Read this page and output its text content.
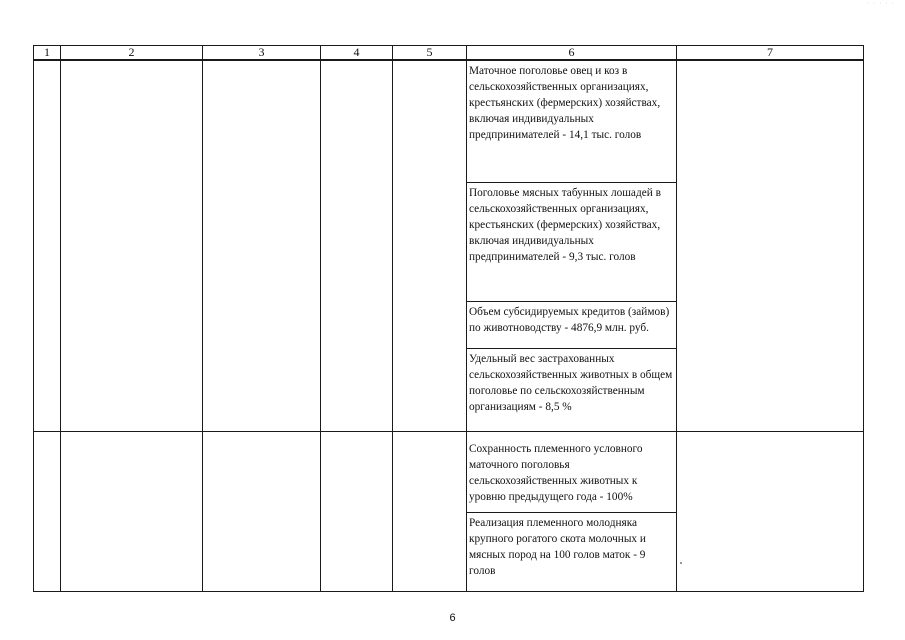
· · · · ·
1	2	3	4	5	6	7

					Маточное поголовье овец и коз в сельскохозяйственных организациях, крестьянских (фермерских) хозяйствах, включая индивидуальных предпринимателей - 14,1 тыс. голов	

					Поголовье мясных табунных лошадей в сельскохозяйственных организациях, крестьянских (фермерских) хозяйствах, включая индивидуальных предпринимателей - 9,3 тыс. голов	

					Объем субсидируемых кредитов (займов) по животноводству - 4876,9 млн. руб.	

					Удельный вес застрахованных сельскохозяйственных животных в общем поголовье по сельскохозяйственным организациям - 8,5 %	

					Сохранность племенного условного маточного поголовья сельскохозяйственных животных к уровню предыдущего года - 100%	

					Реализация племенного молодняка крупного рогатого скота молочных и мясных пород на 100 голов маток - 9 голов	
6
